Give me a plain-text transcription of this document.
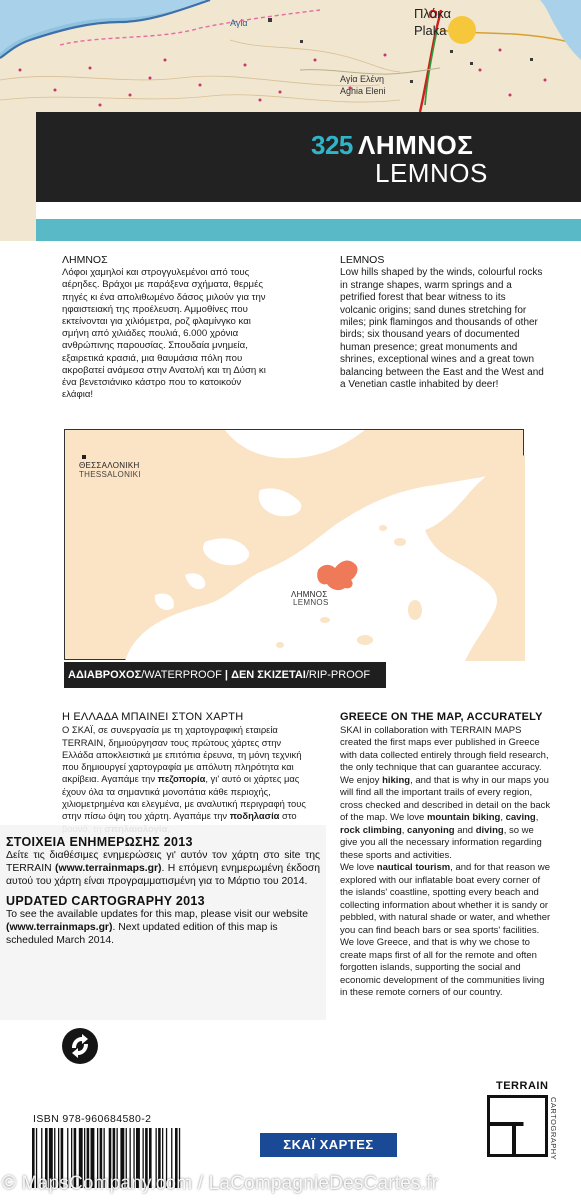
Πλάκα
Plaka
Αγία Ελένη
Aghia Eleni
Αγία
325 ΛΗΜΝΟΣ
LEMNOS
ΛΗΜΝΟΣ
Λόφοι χαμηλοί και στρογγυλεμένοι από τους αέρηδες. Βράχοι με παράξενα σχήματα, θερμές πηγές κι ένα απολιθωμένο δάσος μιλούν για την ηφαιστειακή της προέλευση. Αμμοθίνες που εκτείνονται για χιλιόμετρα, ροζ φλαμίνγκο και σμήνη από χιλιάδες πουλιά, 6.000 χρόνια ανθρώπινης παρουσίας. Σπουδαία μνημεία, εξαιρετικά κρασιά, μια θαυμάσια πόλη που ακροβατεί ανάμεσα στην Ανατολή και τη Δύση κι ένα βενετσιάνικο κάστρο που το κατοικούν ελάφια!
LEMNOS
Low hills shaped by the winds, colourful rocks in strange shapes, warm springs and a petrified forest that bear witness to its volcanic origins; sand dunes stretching for miles; pink flamingos and thousands of other birds; six thousand years of documented human presence; great monuments and shrines, exceptional wines and a great town balancing between the East and the West and a Venetian castle inhabited by deer!
ΘΕΣΣΑΛΟΝΙΚΗ
THESSALONIKI
ΛΗΜΝΟΣ
LEMNOS
ΑΔΙΑΒΡΟΧΟΣ/WATERPROOF | ΔΕΝ ΣΚΙΖΕΤΑΙ/RIP-PROOF
Η ΕΛΛΑΔΑ ΜΠΑΙΝΕΙ ΣΤΟΝ ΧΑΡΤΗ
Ο ΣΚΑΪ, σε συνεργασία με τη χαρτογραφική εταιρεία TERRAIN, δημιούργησαν τους πρώτους χάρτες στην Ελλάδα αποκλειστικά με επιτόπια έρευνα, τη μόνη τεχνική που δημιουργεί χαρτογραφία με απόλυτη πληρότητα και ακρίβεια. Αγαπάμε την πεζοπορία, γι' αυτό οι χάρτες μας έχουν όλα τα σημαντικά μονοπάτια κάθε περιοχής, χιλιομετρημένα και ελεγμένα, με αναλυτική περιγραφή τους στην πίσω όψη του χάρτη. Αγαπάμε την ποδηλασία στο
GREECE ON THE MAP, ACCURATELY
SKAI in collaboration with TERRAIN MAPS created the first maps ever published in Greece with data collected entirely through field research, the only technique that can guarantee accuracy. We enjoy hiking, and that is why in our maps you will find all the important trails of every region, cross checked and described in detail on the back of the map. We love mountain biking, caving, rock climbing, canyoning and diving, so we give you all the necessary information regarding these sports and activities.
We love nautical tourism, and for that reason we explored with our inflatable boat every corner of the islands' coastline, spotting every beach and collecting information about whether it is sandy or pebbled, with natural shade or water, and whether you can find beach bars or sea sports' facilities. We love Greece, and that is why we chose to create maps first of all for the remote and often forgotten islands, supporting the social and economic development of the communities living in these remote corners of our country.
ΣΤΟΙΧΕΙΑ ΕΝΗΜΕΡΩΣΗΣ 2013
Δείτε τις διαθέσιμες ενημερώσεις γι' αυτόν τον χάρτη στο site της TERRAIN (www.terrainmaps.gr). Η επόμενη ενημερωμένη έκδοση αυτού του χάρτη είναι προγραμματισμένη για το Μάρτιο του 2014.
UPDATED CARTOGRAPHY 2013
To see the available updates for this map, please visit our website (www.terrainmaps.gr). Next updated edition of this map is scheduled March 2014.
ISBN 978-960684580-2
ΣΚΑΪ ΧΑΡΤΕΣ
TERRAIN
CARTOGRAPHY
© MapsCompany.com / LaCompagnieDesCartes.fr
